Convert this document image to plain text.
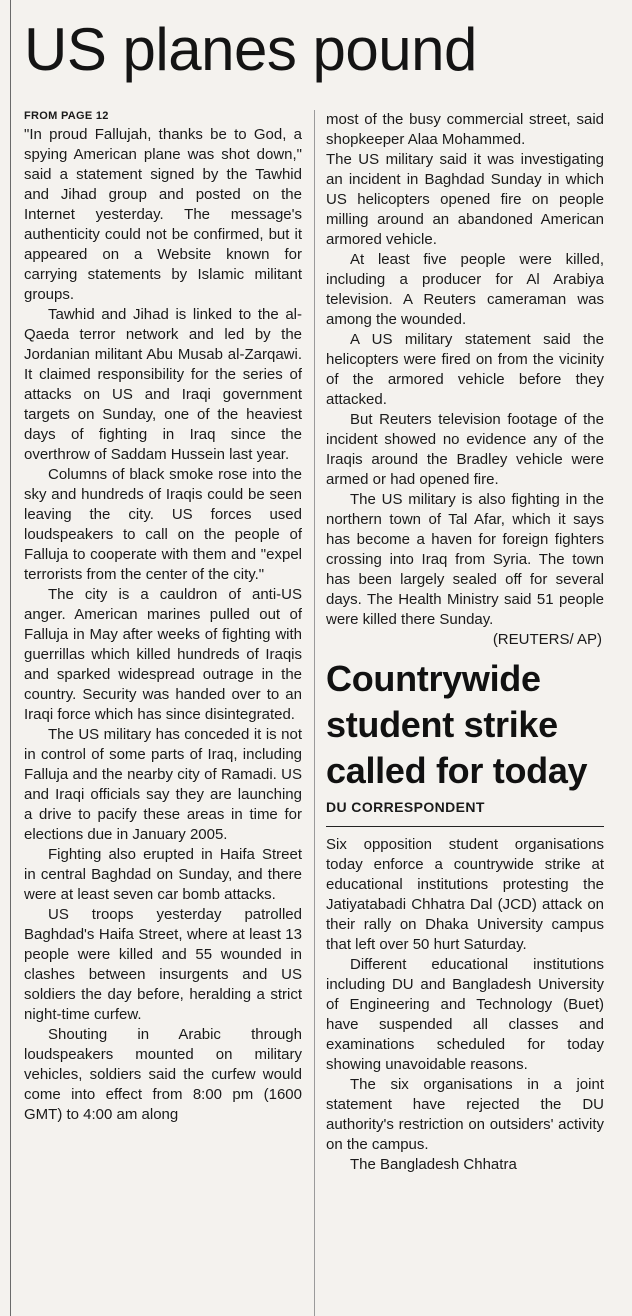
US planes pound

FROM PAGE 12

"In proud Fallujah, thanks be to God, a spying American plane was shot down," said a statement signed by the Tawhid and Jihad group and posted on the Internet yesterday. The message's authenticity could not be confirmed, but it appeared on a Website known for carrying statements by Islamic militant groups.

Tawhid and Jihad is linked to the al-Qaeda terror network and led by the Jordanian militant Abu Musab al-Zarqawi. It claimed responsibility for the series of attacks on US and Iraqi government targets on Sunday, one of the heaviest days of fighting in Iraq since the overthrow of Saddam Hussein last year.

Columns of black smoke rose into the sky and hundreds of Iraqis could be seen leaving the city. US forces used loudspeakers to call on the people of Falluja to cooperate with them and "expel terrorists from the center of the city."

The city is a cauldron of anti-US anger. American marines pulled out of Falluja in May after weeks of fighting with guerrillas which killed hundreds of Iraqis and sparked widespread outrage in the country. Security was handed over to an Iraqi force which has since disintegrated.

The US military has conceded it is not in control of some parts of Iraq, including Falluja and the nearby city of Ramadi. US and Iraqi officials say they are launching a drive to pacify these areas in time for elections due in January 2005.

Fighting also erupted in Haifa Street in central Baghdad on Sunday, and there were at least seven car bomb attacks.

US troops yesterday patrolled Baghdad's Haifa Street, where at least 13 people were killed and 55 wounded in clashes between insurgents and US soldiers the day before, heralding a strict night-time curfew.

Shouting in Arabic through loudspeakers mounted on military vehicles, soldiers said the curfew would come into effect from 8:00 pm (1600 GMT) to 4:00 am along

most of the busy commercial street, said shopkeeper Alaa Mohammed.

The US military said it was investigating an incident in Baghdad Sunday in which US helicopters opened fire on people milling around an abandoned American armored vehicle.

At least five people were killed, including a producer for Al Arabiya television. A Reuters cameraman was among the wounded.

A US military statement said the helicopters were fired on from the vicinity of the armored vehicle before they attacked.

But Reuters television footage of the incident showed no evidence any of the Iraqis around the Bradley vehicle were armed or had opened fire.

The US military is also fighting in the northern town of Tal Afar, which it says has become a haven for foreign fighters crossing into Iraq from Syria. The town has been largely sealed off for several days. The Health Ministry said 51 people were killed there Sunday.

(REUTERS/ AP)

Countrywide student strike called for today

DU CORRESPONDENT

Six opposition student organisations today enforce a countrywide strike at educational institutions protesting the Jatiyatabadi Chhatra Dal (JCD) attack on their rally on Dhaka University campus that left over 50 hurt Saturday.

Different educational institutions including DU and Bangladesh University of Engineering and Technology (Buet) have suspended all classes and examinations scheduled for today showing unavoidable reasons.

The six organisations in a joint statement have rejected the DU authority's restriction on outsiders' activity on the campus.

The Bangladesh Chhatra
